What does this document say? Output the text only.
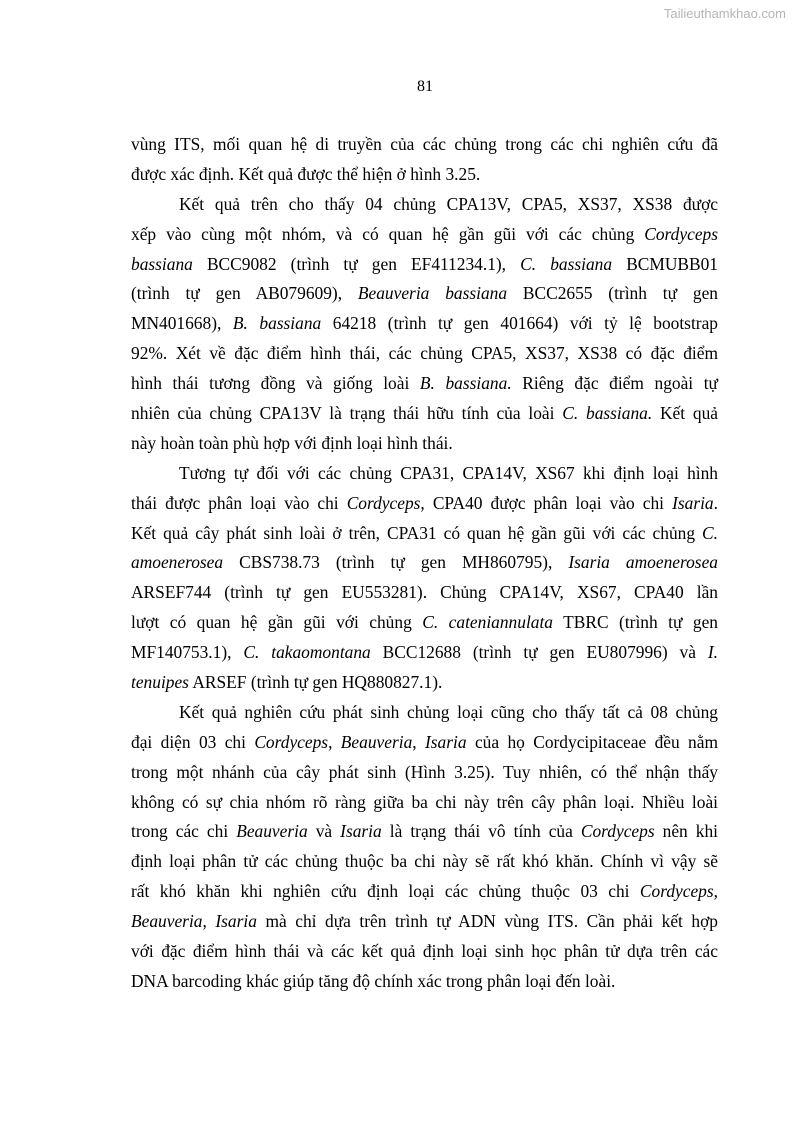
Tailieuthamkhao.com
81
vùng ITS, mối quan hệ di truyền của các chủng trong các chi nghiên cứu đã
được xác định. Kết quả được thể hiện ở hình 3.25.
Kết quả trên cho thấy 04 chủng CPA13V, CPA5, XS37, XS38 được
xếp vào cùng một nhóm, và có quan hệ gần gũi với các chủng Cordyceps
bassiana BCC9082 (trình tự gen EF411234.1), C. bassiana BCMUBB01
(trình tự gen AB079609), Beauveria bassiana BCC2655 (trình tự gen
MN401668), B. bassiana 64218 (trình tự gen 401664) với tỷ lệ bootstrap
92%. Xét về đặc điểm hình thái, các chủng CPA5, XS37, XS38 có đặc điểm
hình thái tương đồng và giống loài B. bassiana. Riêng đặc điểm ngoài tự
nhiên của chủng CPA13V là trạng thái hữu tính của loài C. bassiana. Kết quả
này hoàn toàn phù hợp với định loại hình thái.
Tương tự đối với các chủng CPA31, CPA14V, XS67 khi định loại hình
thái được phân loại vào chi Cordyceps, CPA40 được phân loại vào chi Isaria.
Kết quả cây phát sinh loài ở trên, CPA31 có quan hệ gần gũi với các chủng C.
amoenerosea CBS738.73 (trình tự gen MH860795), Isaria amoenerosea
ARSEF744 (trình tự gen EU553281). Chủng CPA14V, XS67, CPA40 lần
lượt có quan hệ gần gũi với chủng C. cateniannulata TBRC (trình tự gen
MF140753.1), C. takaomontana BCC12688 (trình tự gen EU807996) và I.
tenuipes ARSEF (trình tự gen HQ880827.1).
Kết quả nghiên cứu phát sinh chủng loại cũng cho thấy tất cả 08 chủng
đại diện 03 chi Cordyceps, Beauveria, Isaria của họ Cordycipitaceae đều nằm
trong một nhánh của cây phát sinh (Hình 3.25). Tuy nhiên, có thể nhận thấy
không có sự chia nhóm rõ ràng giữa ba chi này trên cây phân loại. Nhiều loài
trong các chi Beauveria và Isaria là trạng thái vô tính của Cordyceps nên khi
định loại phân tử các chủng thuộc ba chi này sẽ rất khó khăn. Chính vì vậy sẽ
rất khó khăn khi nghiên cứu định loại các chủng thuộc 03 chi Cordyceps,
Beauveria, Isaria mà chỉ dựa trên trình tự ADN vùng ITS. Cần phải kết hợp
với đặc điểm hình thái và các kết quả định loại sinh học phân tử dựa trên các
DNA barcoding khác giúp tăng độ chính xác trong phân loại đến loài.
